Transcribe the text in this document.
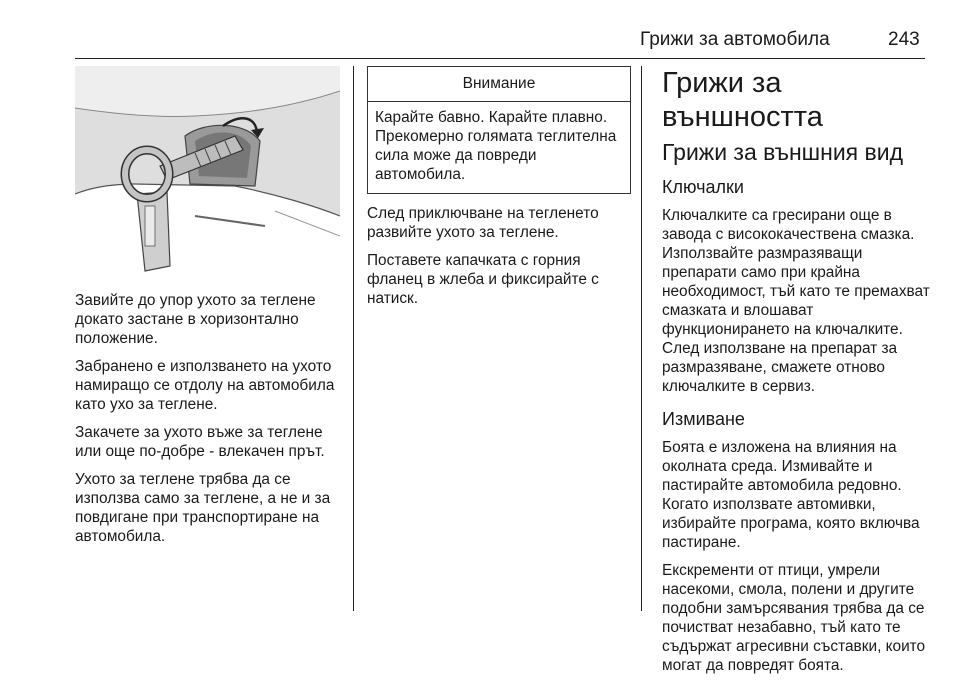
Грижи за автомобила	243

Завийте до упор ухото за теглене докато застане в хоризонтално положение.

Забранено е използването на ухото намиращо се отдолу на автомобила като ухо за теглене.

Закачете за ухото въже за теглене или още по-добре - влекачен прът.

Ухото за теглене трябва да се използва само за теглене, а не и за повдигане при транспортиране на автомобила.

Внимание
Карайте бавно. Карайте плавно. Прекомерно голямата теглителна сила може да повреди автомобила.

След приключване на тегленето развийте ухото за теглене.

Поставете капачката с горния фланец в жлеба и фиксирайте с натиск.

Грижи за външността
Грижи за външния вид
Ключалки

Ключалките са гресирани още в завода с висококачествена смазка. Използвайте размразяващи препарати само при крайна необходимост, тъй като те премахват смазката и влошават функционирането на ключалките. След използване на препарат за размразяване, смажете отново ключалките в сервиз.

Измиване

Боята е изложена на влияния на околната среда. Измивайте и пастирайте автомобила редовно. Когато използвате автомивки, избирайте програма, която включва пастиране.

Екскременти от птици, умрели насекоми, смола, полени и другите подобни замърсявания трябва да се почистват незабавно, тъй като те съдържат агресивни съставки, които могат да повредят боята.
